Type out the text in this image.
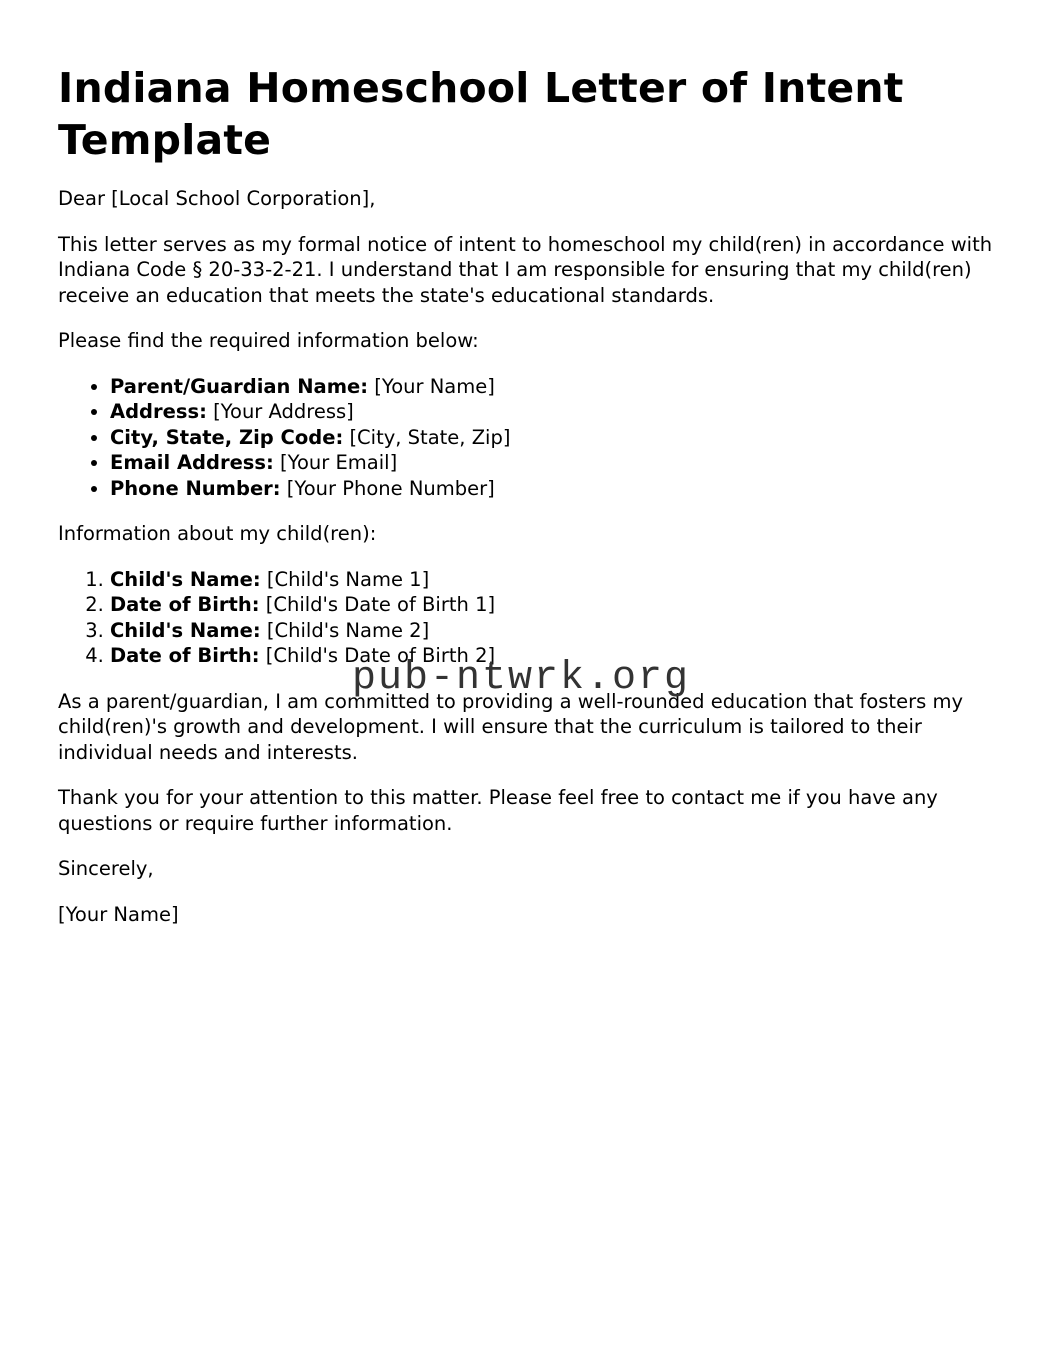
Indiana Homeschool Letter of Intent Template

Dear [Local School Corporation],

This letter serves as my formal notice of intent to homeschool my child(ren) in accordance with Indiana Code § 20-33-2-21. I understand that I am responsible for ensuring that my child(ren) receive an education that meets the state's educational standards.

Please find the required information below:

• Parent/Guardian Name: [Your Name]
• Address: [Your Address]
• City, State, Zip Code: [City, State, Zip]
• Email Address: [Your Email]
• Phone Number: [Your Phone Number]

Information about my child(ren):

1. Child's Name: [Child's Name 1]
2. Date of Birth: [Child's Date of Birth 1]
3. Child's Name: [Child's Name 2]
4. Date of Birth: [Child's Date of Birth 2]

As a parent/guardian, I am committed to providing a well-rounded education that fosters my child(ren)'s growth and development. I will ensure that the curriculum is tailored to their individual needs and interests.

Thank you for your attention to this matter. Please feel free to contact me if you have any questions or require further information.

Sincerely,

[Your Name]

pub-ntwrk.org
